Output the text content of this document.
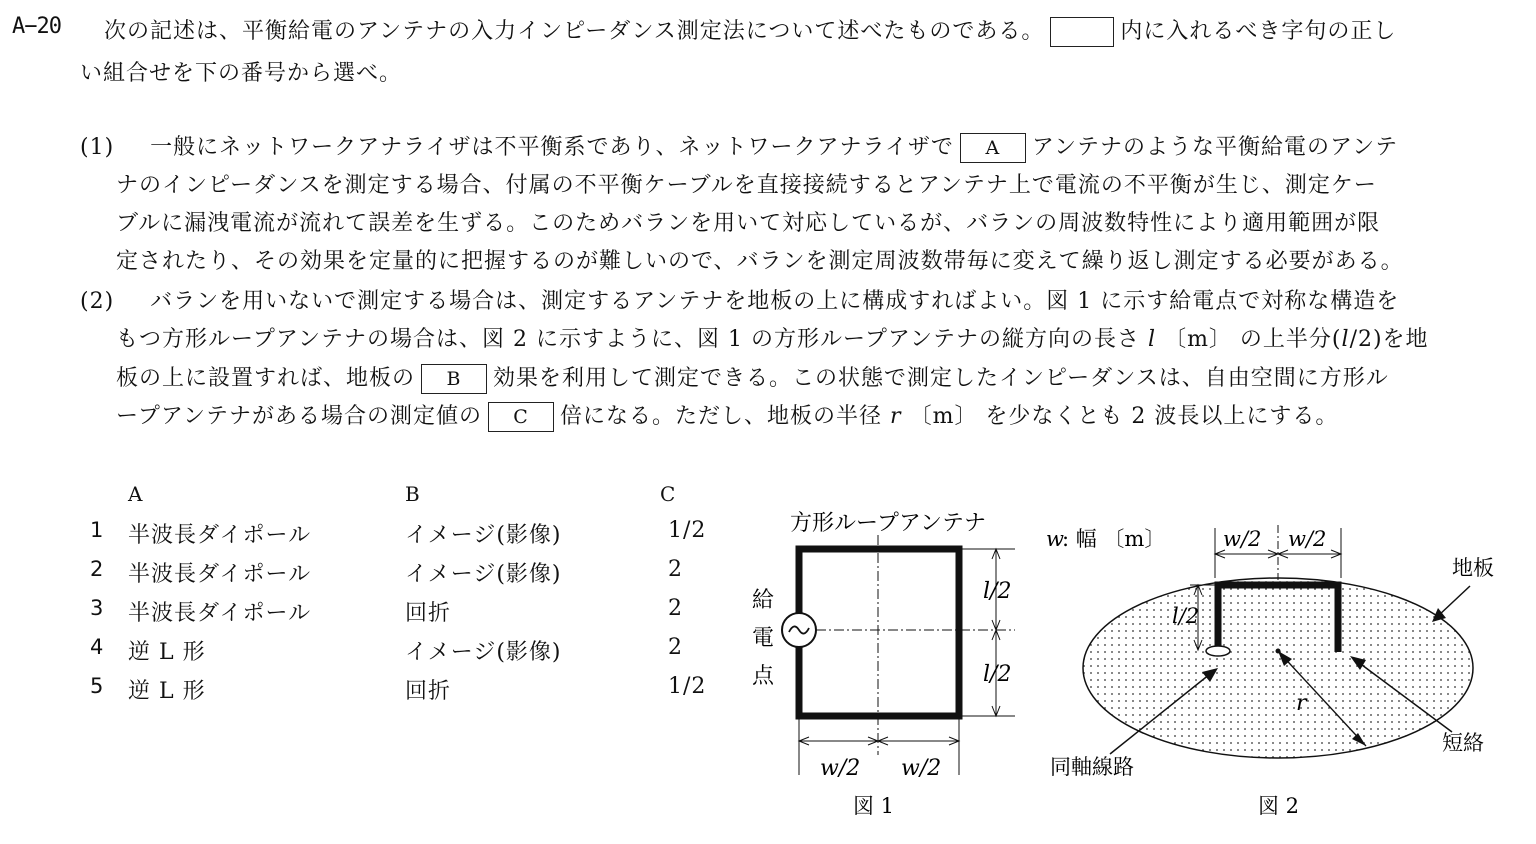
A−20 次の記述は、平衡給電のアンテナの入力インピーダンス測定法について述べたものである。	内に入れるべき字句の正し
い組合せを下の番号から選べ。
(1) 一般にネットワークアナライザは不平衡系であり、ネットワークアナライザで A アンテナのような平衡給電のアンテ
ナのインピーダンスを測定する場合、付属の不平衡ケーブルを直接接続するとアンテナ上で電流の不平衡が生じ、測定ケー
ブルに漏洩電流が流れて誤差を生ずる。このためバランを用いて対応しているが、バランの周波数特性により適用範囲が限
定されたり、その効果を定量的に把握するのが難しいので、バランを測定周波数帯毎に変えて繰り返し測定する必要がある。
(2) バランを用いないで測定する場合は、測定するアンテナを地板の上に構成すればよい。図 1 に示す給電点で対称な構造を
もつ方形ループアンテナの場合は、図 2 に示すように、図 1 の方形ループアンテナの縦方向の長さ l 〔m〕 の上半分(l/2)を地
板の上に設置すれば、地板の B 効果を利用して測定できる。この状態で測定したインピーダンスは、自由空間に方形ル
ープアンテナがある場合の測定値の C 倍になる。ただし、地板の半径 r 〔m〕 を少なくとも 2 波長以上にする。
A	B	C
1 半波長ダイポール	イメージ(影像)	1/2
2 半波長ダイポール	イメージ(影像)	2
3 半波長ダイポール	回折	2
4 逆 L 形	イメージ(影像)	2
5 逆 L 形	回折	1/2
方形ループアンテナ
l/2
l/2
w/2 w/2
給
電
点
図 1
w
: 幅 〔m〕	w/2 w/2
l/2
r
地板
短絡
同軸線路
図 2
